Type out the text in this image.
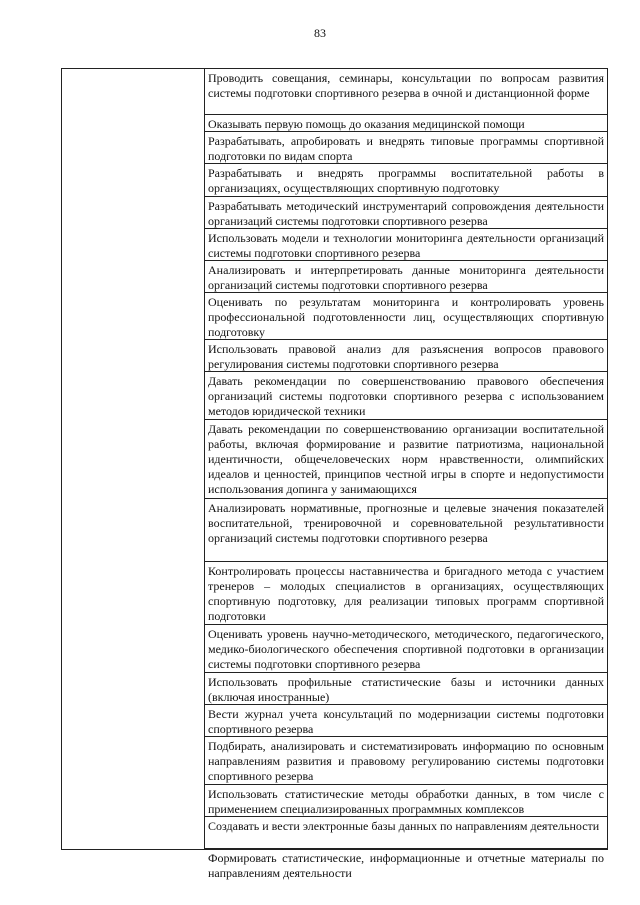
83
Проводить совещания, семинары, консультации по вопросам развития системы подготовки спортивного резерва в очной и дистанционной форме
Оказывать первую помощь до оказания медицинской помощи
Разрабатывать, апробировать и внедрять типовые программы спортивной подготовки по видам спорта
Разрабатывать и внедрять программы воспитательной работы в организациях, осуществляющих спортивную подготовку
Разрабатывать методический инструментарий сопровождения деятельности организаций системы подготовки спортивного резерва
Использовать модели и технологии мониторинга деятельности организаций системы подготовки спортивного резерва
Анализировать и интерпретировать данные мониторинга деятельности организаций системы подготовки спортивного резерва
Оценивать по результатам мониторинга и контролировать уровень профессиональной подготовленности лиц, осуществляющих спортивную подготовку
Использовать правовой анализ для разъяснения вопросов правового регулирования системы подготовки спортивного резерва
Давать рекомендации по совершенствованию правового обеспечения организаций системы подготовки спортивного резерва с использованием методов юридической техники
Давать рекомендации по совершенствованию организации воспитательной работы, включая формирование и развитие патриотизма, национальной идентичности, общечеловеческих норм нравственности, олимпийских идеалов и ценностей, принципов честной игры в спорте и недопустимости использования допинга у занимающихся
Анализировать нормативные, прогнозные и целевые значения показателей воспитательной, тренировочной и соревновательной результативности организаций системы подготовки спортивного резерва
Контролировать процессы наставничества и бригадного метода с участием тренеров – молодых специалистов в организациях, осуществляющих спортивную подготовку, для реализации типовых программ спортивной подготовки
Оценивать уровень научно-методического, методического, педагогического, медико-биологического обеспечения спортивной подготовки в организации системы подготовки спортивного резерва
Использовать профильные статистические базы и источники данных (включая иностранные)
Вести журнал учета консультаций по модернизации системы подготовки спортивного резерва
Подбирать, анализировать и систематизировать информацию по основным направлениям развития и правовому регулированию системы подготовки спортивного резерва
Использовать статистические методы обработки данных, в том числе с применением специализированных программных комплексов
Создавать и вести электронные базы данных по направлениям деятельности
Формировать статистические, информационные и отчетные материалы по направлениям деятельности
